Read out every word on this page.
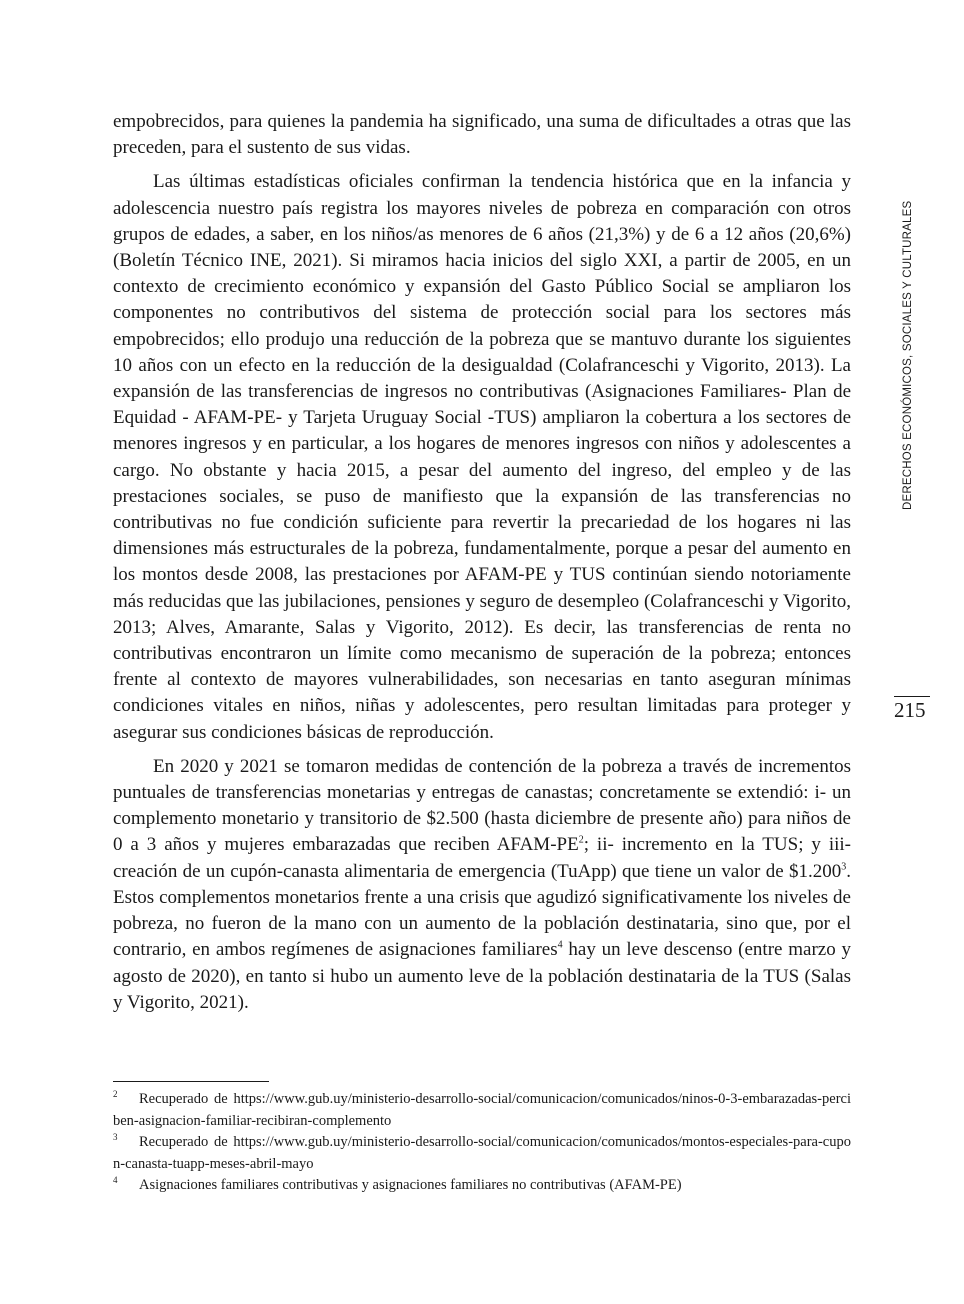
empobrecidos, para quienes la pandemia ha significado, una suma de dificultades a otras que las preceden, para el sustento de sus vidas.

Las últimas estadísticas oficiales confirman la tendencia histórica que en la infancia y adolescencia nuestro país registra los mayores niveles de pobreza en comparación con otros grupos de edades, a saber, en los niños/as menores de 6 años (21,3%) y de 6 a 12 años (20,6%) (Boletín Técnico INE, 2021). Si miramos hacia inicios del siglo XXI, a partir de 2005, en un contexto de crecimiento económico y expansión del Gasto Público Social se ampliaron los componentes no contributivos del sistema de protección social para los sectores más empobrecidos; ello produjo una reducción de la pobreza que se mantuvo durante los siguientes 10 años con un efecto en la reducción de la desigualdad (Colafranceschi y Vigorito, 2013). La expansión de las transferencias de ingresos no contributivas (Asignaciones Familiares- Plan de Equidad - AFAM-PE- y Tarjeta Uruguay Social -TUS) ampliaron la cobertura a los sectores de menores ingresos y en particular, a los hogares de menores ingresos con niños y adolescentes a cargo. No obstante y hacia 2015, a pesar del aumento del ingreso, del empleo y de las prestaciones sociales, se puso de manifiesto que la expansión de las transferencias no contributivas no fue condición suficiente para revertir la precariedad de los hogares ni las dimensiones más estructurales de la pobreza, fundamentalmente, porque a pesar del aumento en los montos desde 2008, las prestaciones por AFAM-PE y TUS continúan siendo notoriamente más reducidas que las jubilaciones, pensiones y seguro de desempleo (Colafranceschi y Vigorito, 2013; Alves, Amarante, Salas y Vigorito, 2012). Es decir, las transferencias de renta no contributivas encontraron un límite como mecanismo de superación de la pobreza; entonces frente al contexto de mayores vulnerabilidades, son necesarias en tanto aseguran mínimas condiciones vitales en niños, niñas y adolescentes, pero resultan limitadas para proteger y asegurar sus condiciones básicas de reproducción.

En 2020 y 2021 se tomaron medidas de contención de la pobreza a través de incrementos puntuales de transferencias monetarias y entregas de canastas; concretamente se extendió: i- un complemento monetario y transitorio de $2.500 (hasta diciembre de presente año) para niños de 0 a 3 años y mujeres embarazadas que reciben AFAM-$PE^2$; ii- incremento en la TUS; y iii- creación de un cupón-canasta alimentaria de emergencia (TuApp) que tiene un valor de $1.200$^3$. Estos complementos monetarios frente a una crisis que agudizó significativamente los niveles de pobreza, no fueron de la mano con un aumento de la población destinataria, sino que, por el contrario, en ambos regímenes de asignaciones familiares$^4$ hay un leve descenso (entre marzo y agosto de 2020), en tanto si hubo un aumento leve de la población destinataria de la TUS (Salas y Vigorito, 2021).

DERECHOS ECONÓMICOS, SOCIALES Y CULTURALES
215

2 Recuperado de https://www.gub.uy/ministerio-desarrollo-social/comunicacion/comunicados/ninos-0-3-embarazadas-perciben-asignacion-familiar-recibiran-complemento

3 Recuperado de https://www.gub.uy/ministerio-desarrollo-social/comunicacion/comunicados/montos-especiales-para-cupon-canasta-tuapp-meses-abril-mayo

4 Asignaciones familiares contributivas y asignaciones familiares no contributivas (AFAM-PE)
